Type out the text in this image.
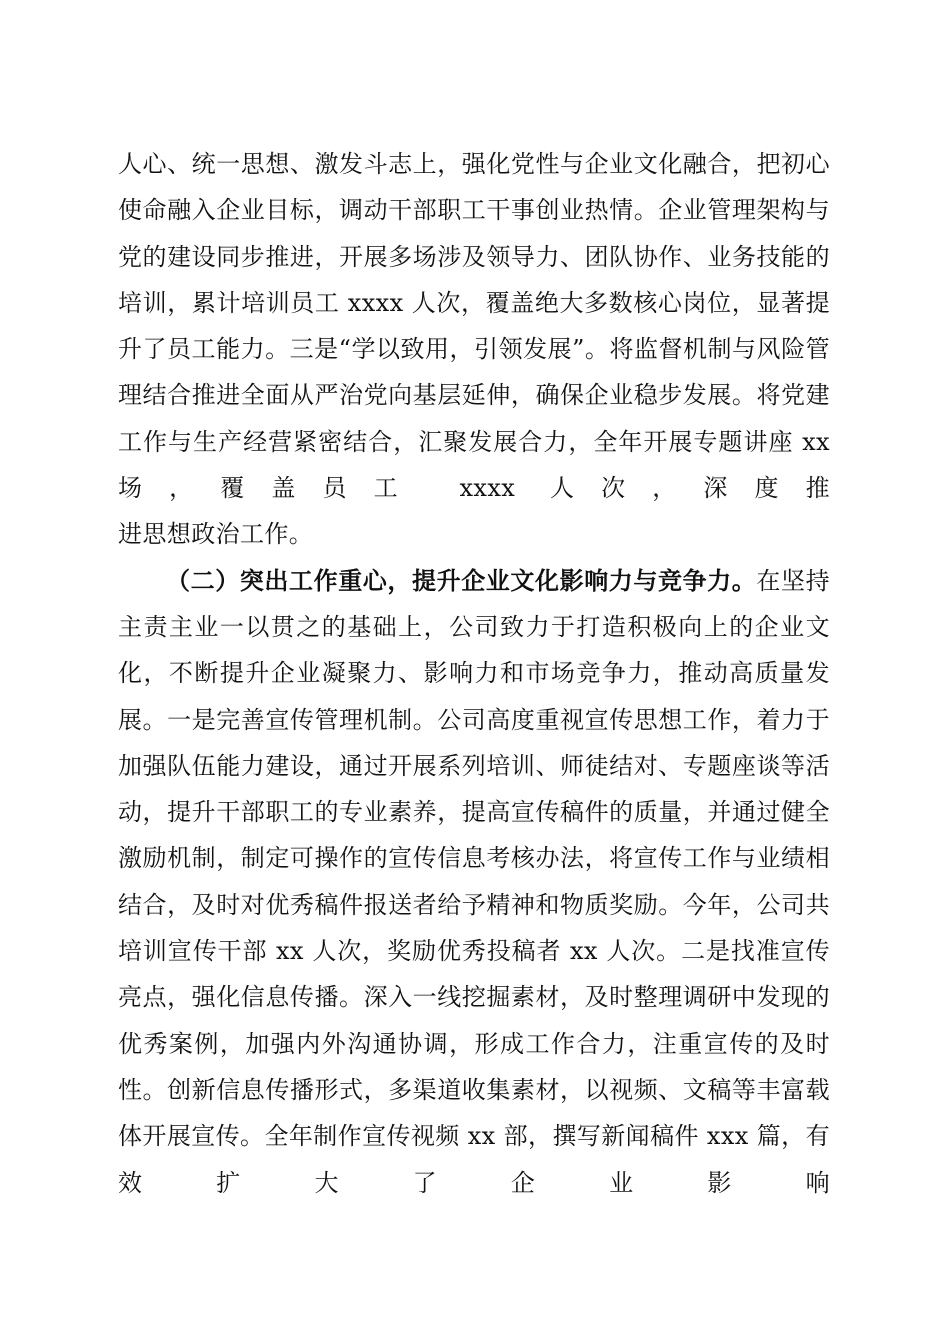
人心、统一思想、激发斗志上，强化党性与企业文化融合，把初心使命融入企业目标，调动干部职工干事创业热情。企业管理架构与党的建设同步推进，开展多场涉及领导力、团队协作、业务技能的培训，累计培训员工 xxxx 人次，覆盖绝大多数核心岗位，显著提升了员工能力。三是“学以致用，引领发展”。将监督机制与风险管理结合推进全面从严治党向基层延伸，确保企业稳步发展。将党建工作与生产经营紧密结合，汇聚发展合力，全年开展专题讲座 xx 场，覆盖员工 xxxx 人次，深度推
进思想政治工作。

（二）突出工作重心，提升企业文化影响力与竞争力。在坚持主责主业一以贯之的基础上，公司致力于打造积极向上的企业文化，不断提升企业凝聚力、影响力和市场竞争力，推动高质量发展。一是完善宣传管理机制。公司高度重视宣传思想工作，着力于加强队伍能力建设，通过开展系列培训、师徒结对、专题座谈等活动，提升干部职工的专业素养，提高宣传稿件的质量，并通过健全激励机制，制定可操作的宣传信息考核办法，将宣传工作与业绩相结合，及时对优秀稿件报送者给予精神和物质奖励。今年，公司共培训宣传干部 xx 人次，奖励优秀投稿者 xx 人次。二是找准宣传亮点，强化信息传播。深入一线挖掘素材，及时整理调研中发现的优秀案例，加强内外沟通协调，形成工作合力，注重宣传的及时性。创新信息传播形式，多渠道收集素材，以视频、文稿等丰富载体开展宣传。全年制作宣传视频 xx 部，撰写新闻稿件 xxx 篇，有效扩大了企业影响
